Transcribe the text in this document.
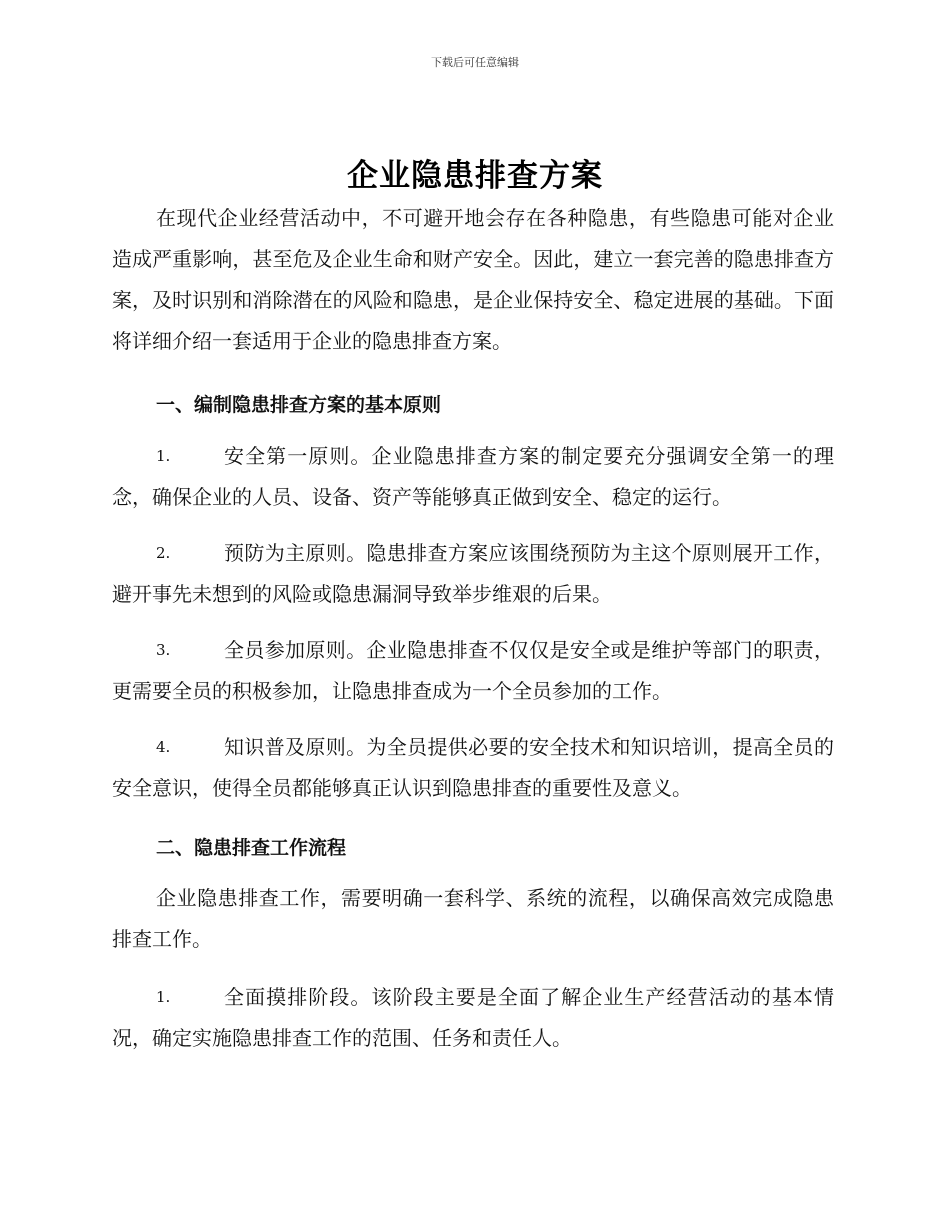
下载后可任意编辑
企业隐患排查方案
在现代企业经营活动中，不可避开地会存在各种隐患，有些隐患可能对企业造成严重影响，甚至危及企业生命和财产安全。因此，建立一套完善的隐患排查方案，及时识别和消除潜在的风险和隐患，是企业保持安全、稳定进展的基础。下面将详细介绍一套适用于企业的隐患排查方案。
一、编制隐患排查方案的基本原则
1.	安全第一原则。企业隐患排查方案的制定要充分强调安全第一的理念，确保企业的人员、设备、资产等能够真正做到安全、稳定的运行。
2.	预防为主原则。隐患排查方案应该围绕预防为主这个原则展开工作，避开事先未想到的风险或隐患漏洞导致举步维艰的后果。
3.	全员参加原则。企业隐患排查不仅仅是安全或是维护等部门的职责，更需要全员的积极参加，让隐患排查成为一个全员参加的工作。
4.	知识普及原则。为全员提供必要的安全技术和知识培训，提高全员的安全意识，使得全员都能够真正认识到隐患排查的重要性及意义。
二、隐患排查工作流程
企业隐患排查工作，需要明确一套科学、系统的流程，以确保高效完成隐患排查工作。
1.	全面摸排阶段。该阶段主要是全面了解企业生产经营活动的基本情况，确定实施隐患排查工作的范围、任务和责任人。
